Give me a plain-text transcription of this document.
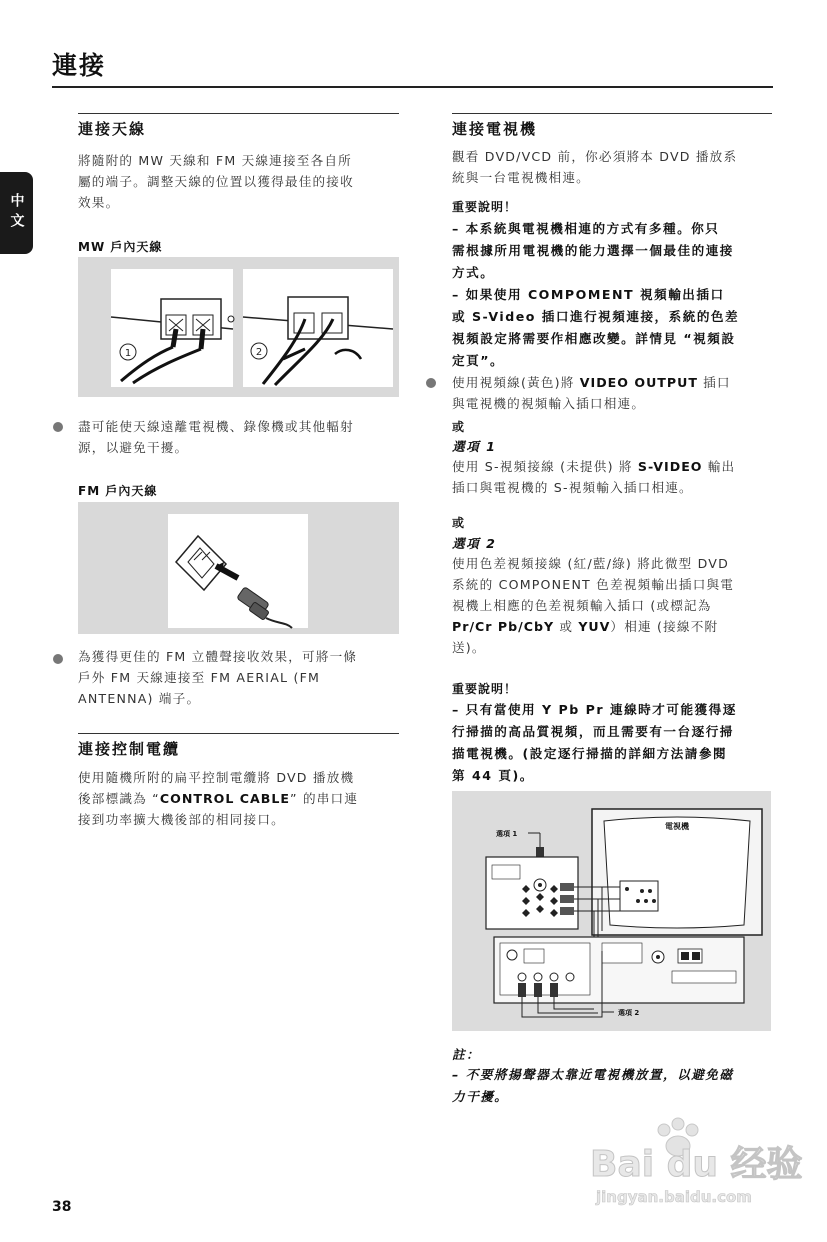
連接
中文
連接天線
將隨附的 MW 天線和 FM 天線連接至各自所
屬的端子。調整天線的位置以獲得最佳的接收
效果。
MW 戶內天線
1	2
盡可能使天線遠離電視機、錄像機或其他輻射
源，以避免干擾。
FM 戶內天線
為獲得更佳的 FM 立體聲接收效果，可將一條
戶外 FM 天線連接至 FM AERIAL (FM
ANTENNA) 端子。
連接控制電纜
使用隨機所附的扁平控制電纜將 DVD 播放機
後部標識為 “CONTROL CABLE” 的串口連
接到功率擴大機後部的相同接口。
連接電視機
觀看 DVD/VCD 前，你必須將本 DVD 播放系
統與一台電視機相連。
重要說明！
– 本系統與電視機相連的方式有多種。你只
需根據所用電視機的能力選擇一個最佳的連接
方式。
– 如果使用 COMPOMENT 視頻輸出插口
或 S-Video 插口進行視頻連接，系統的色差
視頻設定將需要作相應改變。詳情見 “視頻設
定頁”。
使用視頻線(黃色)將 VIDEO OUTPUT 插口
與電視機的視頻輸入插口相連。
或
選項 1
使用 S-視頻接線 (未提供) 將 S-VIDEO 輸出
插口與電視機的 S-視頻輸入插口相連。
或
選項 2
使用色差視頻接線 (紅/藍/綠) 將此微型 DVD
系統的 COMPONENT 色差視頻輸出插口與電
視機上相應的色差視頻輸入插口 (或標記為
Pr/Cr Pb/CbY 或 YUV）相連 (接線不附
送)。
重要說明！
– 只有當使用 Y Pb Pr 連線時才可能獲得逐
行掃描的高品質視頻，而且需要有一台逐行掃
描電視機。(設定逐行掃描的詳細方法請參閱
第 44 頁)。
電視機
選項 1
選項 2
註：
– 不要將揚聲器太靠近電視機放置，以避免磁
力干擾。
Bai du 经验
jingyan.baidu.com
38
